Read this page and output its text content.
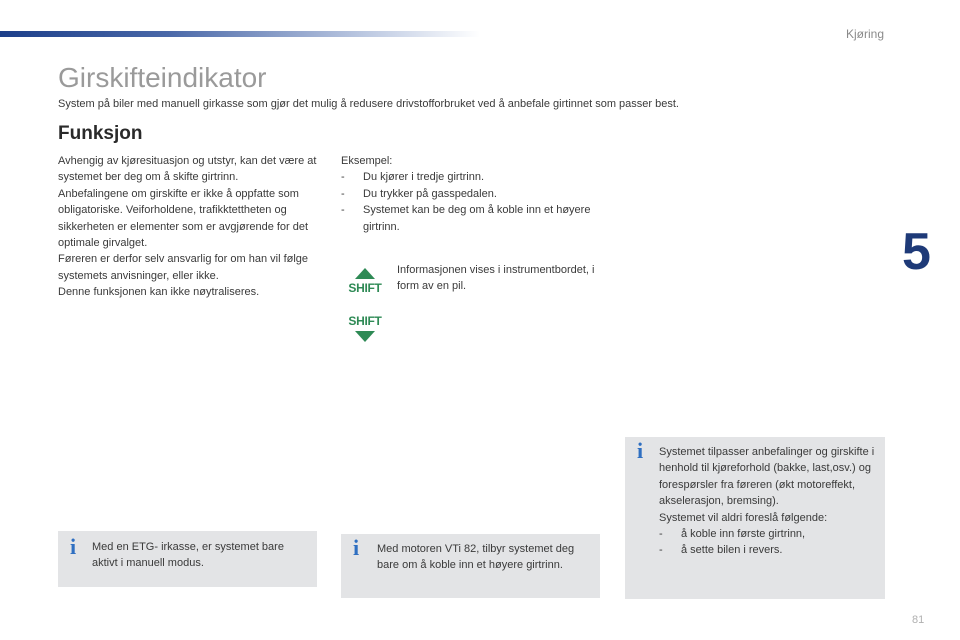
Kjøring
5
Girskifteindikator

System på biler med manuell girkasse som gjør det mulig å redusere drivstofforbruket ved å anbefale girtinnet som passer best.

Funksjon

Avhengig av kjøresituasjon og utstyr, kan det være at systemet ber deg om å skifte girtrinn.

Anbefalingene om girskifte er ikke å oppfatte som obligatoriske. Veiforholdene, trafikktettheten og sikkerheten er elementer som er avgjørende for det optimale girvalget.

Føreren er derfor selv ansvarlig for om han vil følge systemets anvisninger, eller ikke.

Denne funksjonen kan ikke nøytraliseres.

Eksempel:

- Du kjører i tredje girtrinn.
- Du trykker på gasspedalen.
- Systemet kan be deg om å koble inn et høyere girtrinn.
SHIFT
SHIFT

Informasjonen vises i instrumentbordet, i form av en pil.

i Med en ETG- irkasse, er systemet bare aktivt i manuell modus.

i Med motoren VTi 82, tilbyr systemet deg bare om å koble inn et høyere girtrinn.

i Systemet tilpasser anbefalinger og girskifte i henhold til kjøreforhold (bakke, last,osv.) og forespørsler fra føreren (økt motoreffekt, akselerasjon, bremsing).

Systemet vil aldri foreslå følgende:

- å koble inn første girtrinn,
- å sette bilen i revers.
81
